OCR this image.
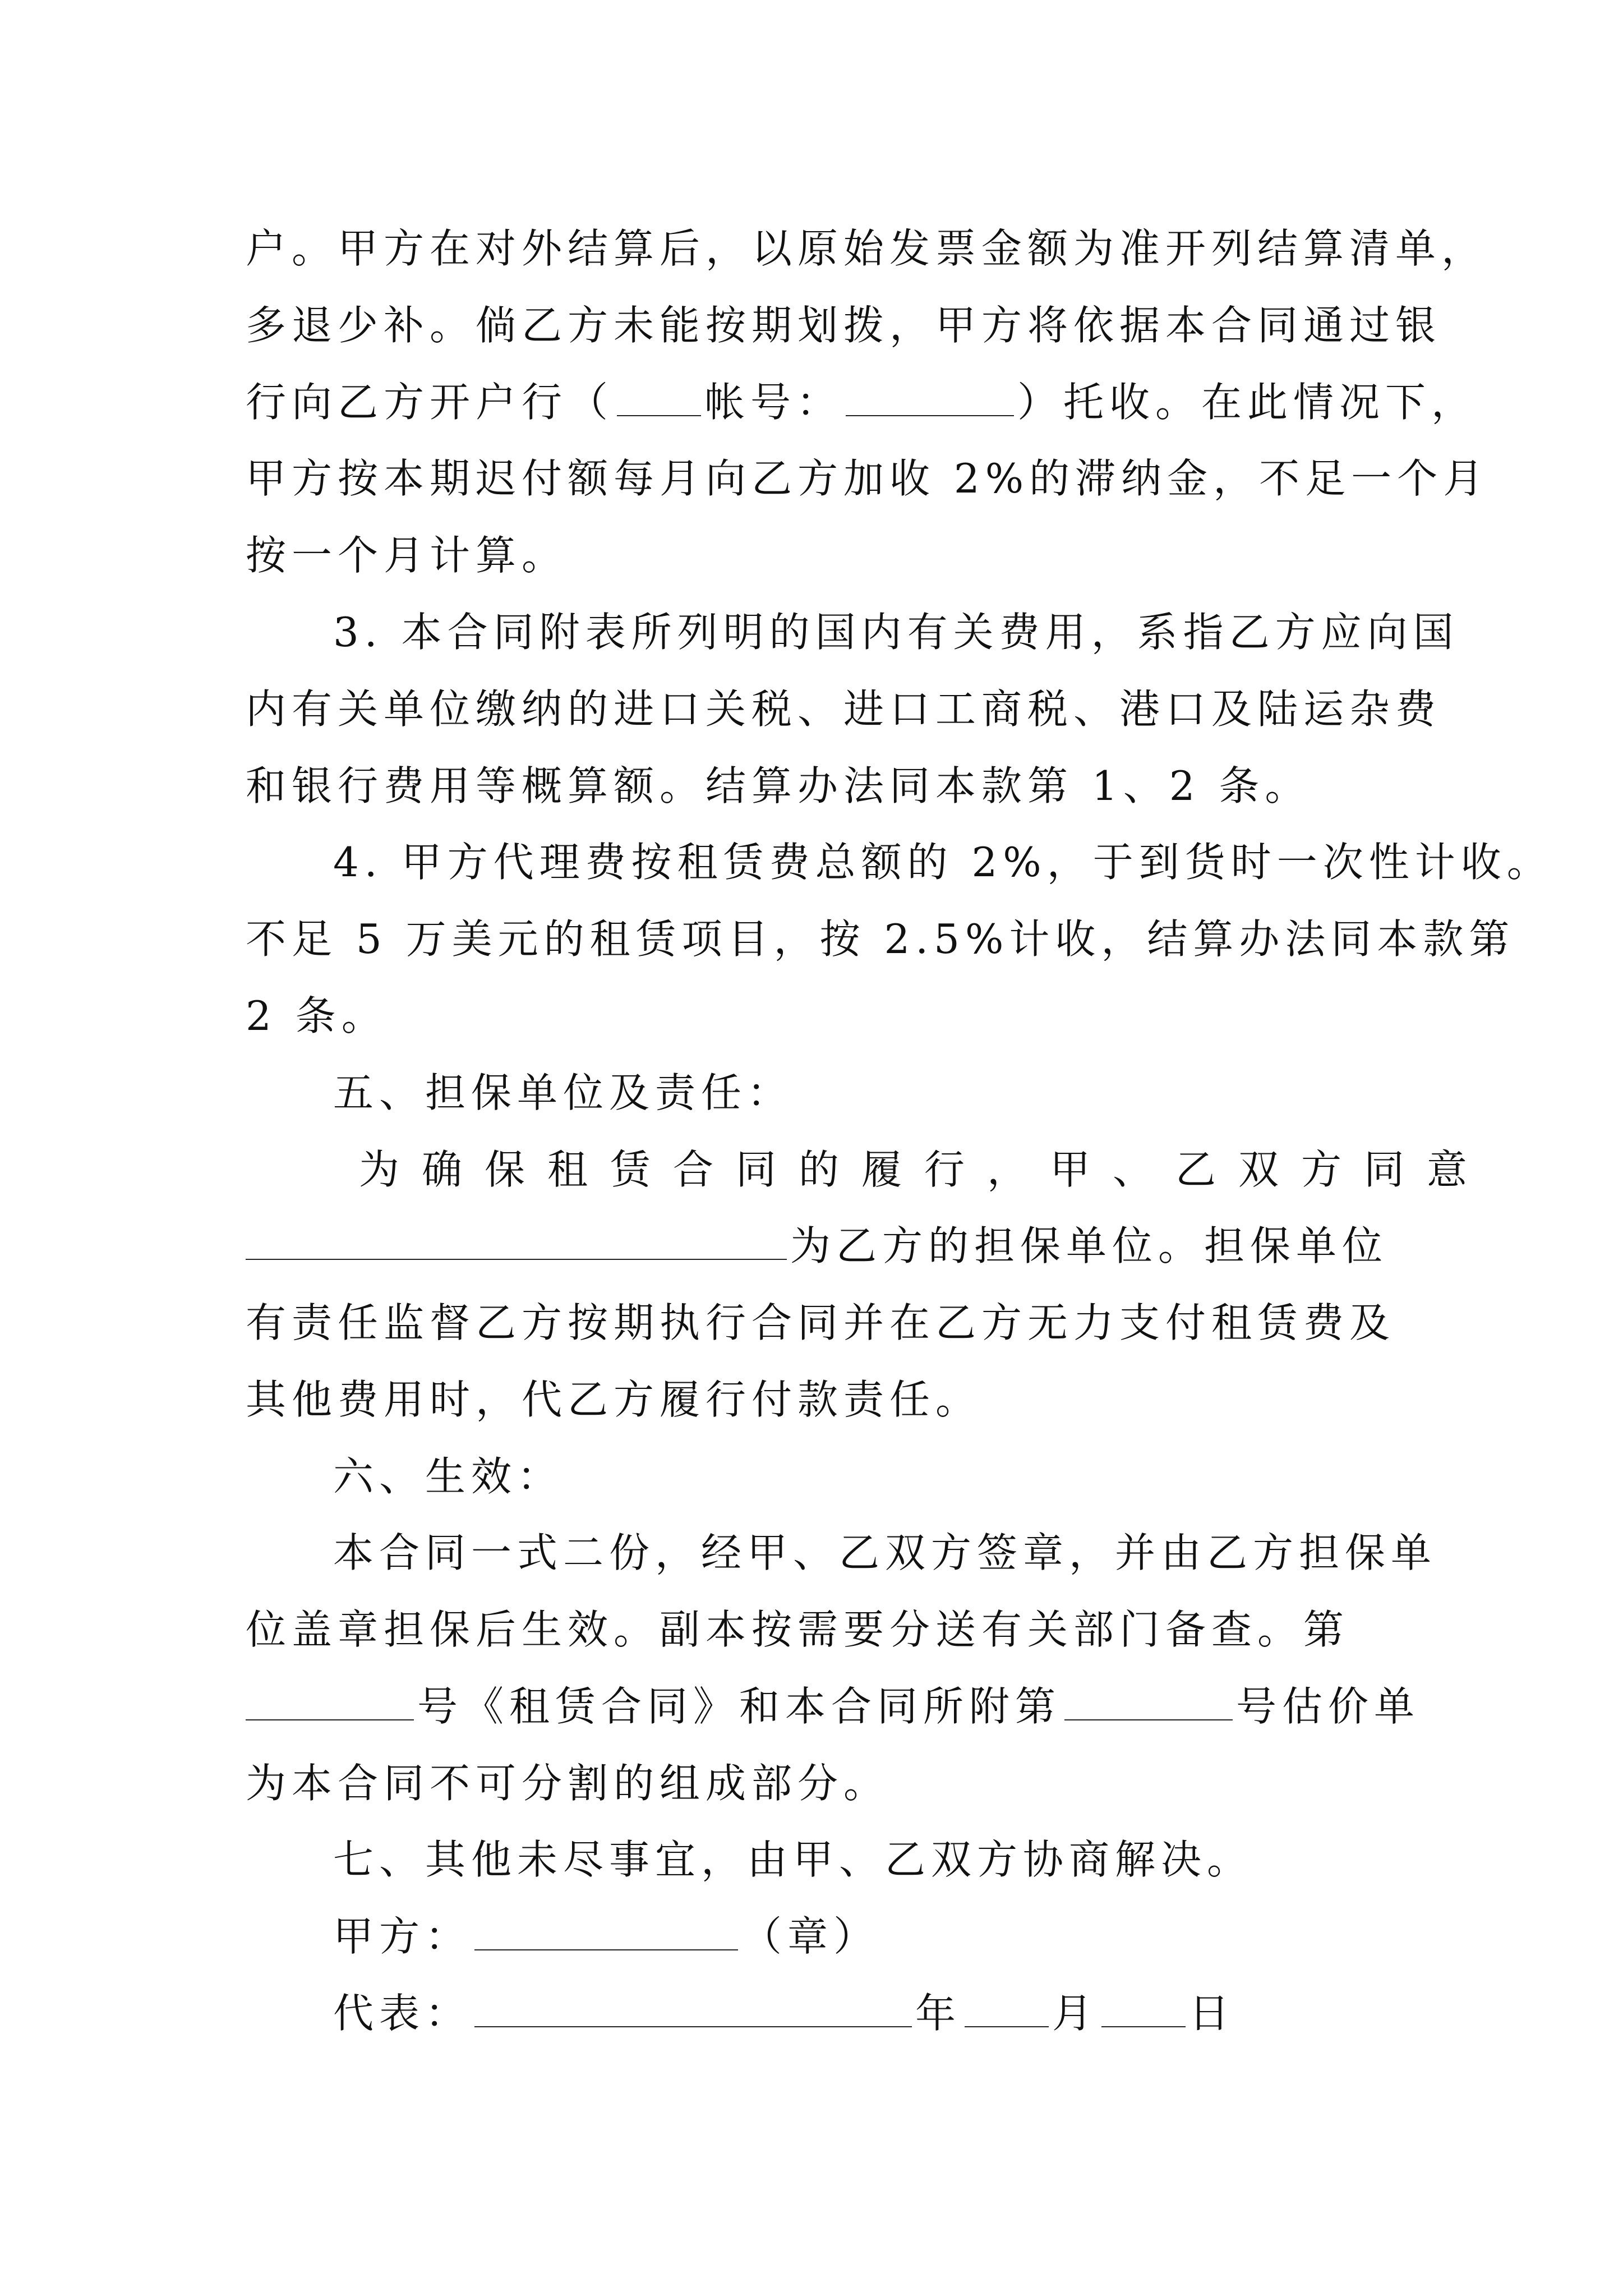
户。甲方在对外结算后，以原始发票金额为准开列结算清单，
多退少补。倘乙方未能按期划拨，甲方将依据本合同通过银
行向乙方开户行（ 帐号：	）托收。在此情况下，
甲方按本期迟付额每月向乙方加收 2%的滞纳金，不足一个月
按一个月计算。
3. 本合同附表所列明的国内有关费用，系指乙方应向国
内有关单位缴纳的进口关税、进口工商税、港口及陆运杂费
和银行费用等概算额。结算办法同本款第 1、2 条。
4. 甲方代理费按租赁费总额的 2%，于到货时一次性计收。
不足 5 万美元的租赁项目，按 2.5%计收，结算办法同本款第
2 条。
五、担保单位及责任：
为确保租赁合同的履行，甲、乙双方同意
为乙方的担保单位。担保单位
有责任监督乙方按期执行合同并在乙方无力支付租赁费及
其他费用时，代乙方履行付款责任。
六、生效：
本合同一式二份，经甲、乙双方签章，并由乙方担保单
位盖章担保后生效。副本按需要分送有关部门备查。第
号《租赁合同》和本合同所附第	号估价单
为本合同不可分割的组成部分。
七、其他未尽事宜，由甲、乙双方协商解决。
甲方：	（章）
代表：	年 月 日
